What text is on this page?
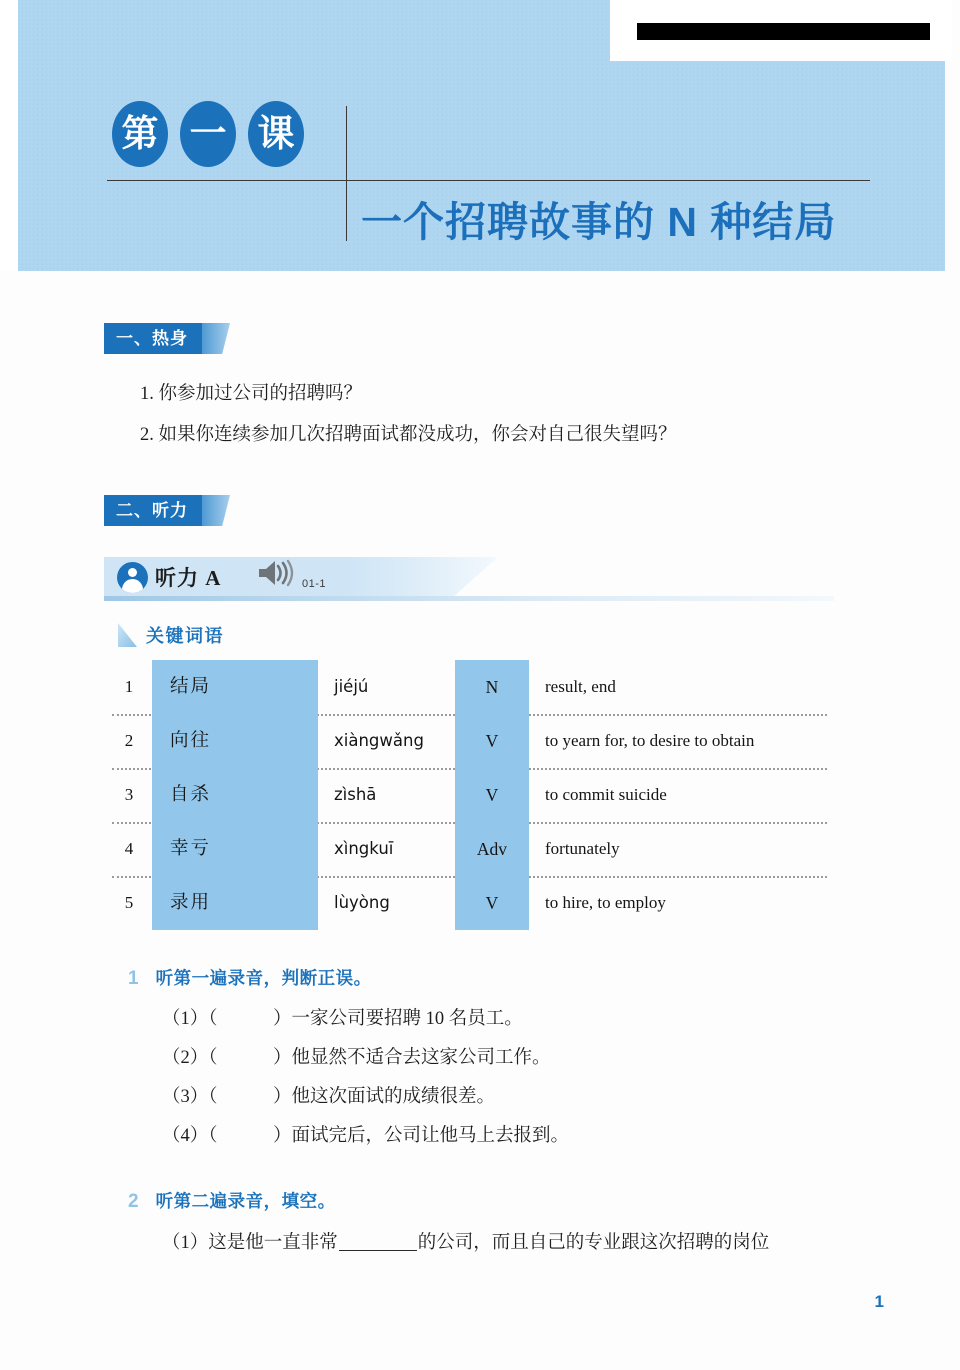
第 一 课
一个招聘故事的 N 种结局
一、热身
1. 你参加过公司的招聘吗？
2. 如果你连续参加几次招聘面试都没成功，你会对自己很失望吗？
二、听力
听力 A	01-1
关键词语
1	结局	jiéjú	N	result, end
2	向往	xiàngwǎng	V	to yearn for, to desire to obtain
3	自杀	zìshā	V	to commit suicide
4	幸亏	xìngkuī	Adv	fortunately
5	录用	lùyòng	V	to hire, to employ
1 听第一遍录音，判断正误。
（1）（　　　）一家公司要招聘 10 名员工。
（2）（　　　）他显然不适合去这家公司工作。
（3）（　　　）他这次面试的成绩很差。
（4）（　　　）面试完后，公司让他马上去报到。
2 听第二遍录音，填空。
（1）这是他一直非常	的公司，而且自己的专业跟这次招聘的岗位
1
